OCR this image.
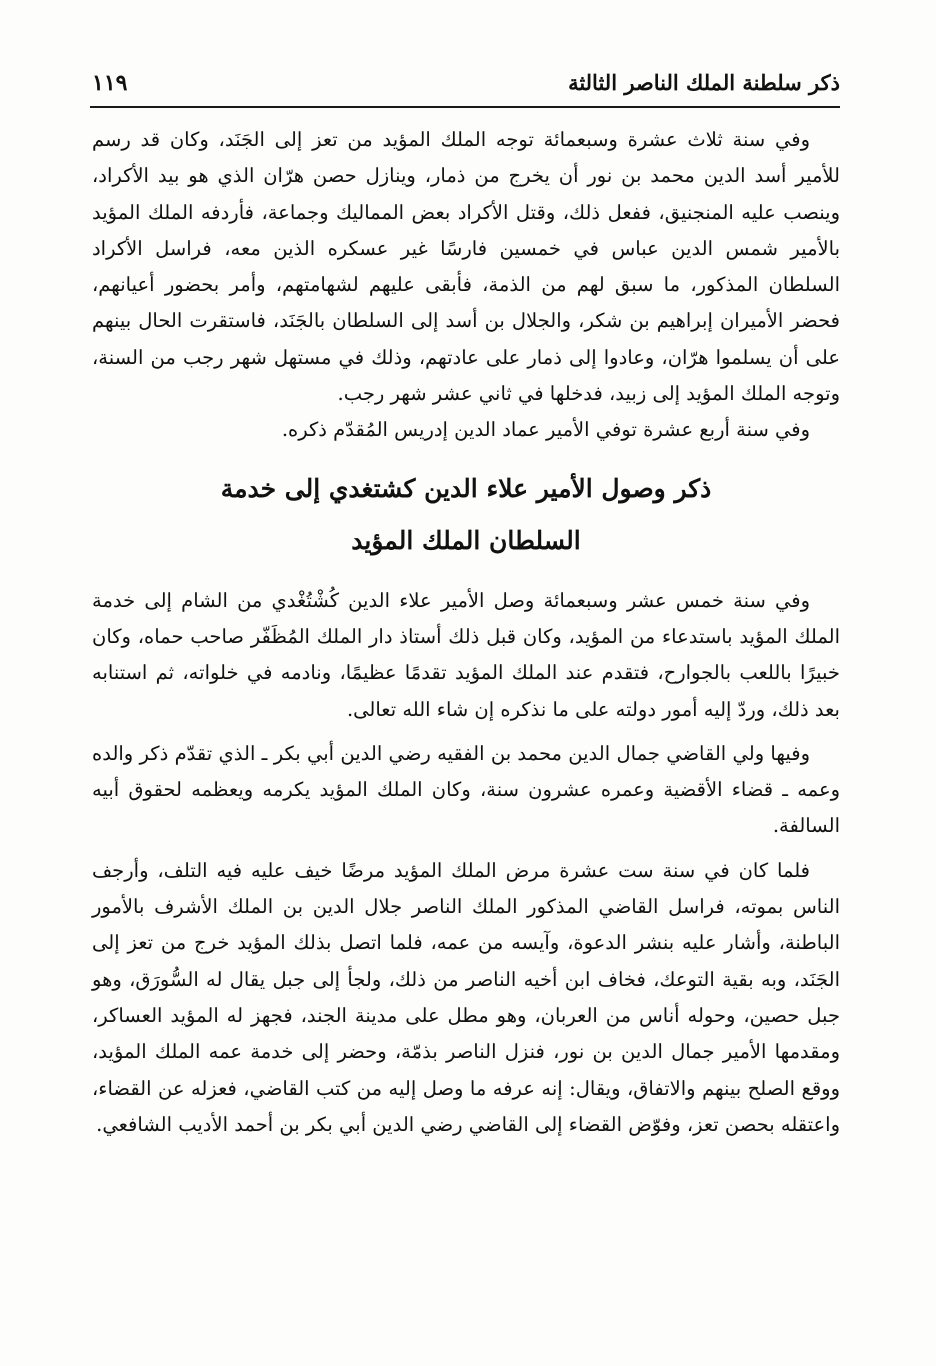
ذكر سلطنة الملك الناصر الثالثة
١١٩

وفي سنة ثلاث عشرة وسبعمائة توجه الملك المؤيد من تعز إلى الجَنَد، وكان قد رسم للأمير أسد الدين محمد بن نور أن يخرج من ذمار، وينازل حصن هرّان الذي هو بيد الأكراد، وينصب عليه المنجنيق، ففعل ذلك، وقتل الأكراد بعض المماليك وجماعة، فأردفه الملك المؤيد بالأمير شمس الدين عباس في خمسين فارسًا غير عسكره الذين معه، فراسل الأكراد السلطان المذكور، ما سبق لهم من الذمة، فأبقى عليهم لشهامتهم، وأمر بحضور أعيانهم، فحضر الأميران إبراهيم بن شكر، والجلال بن أسد إلى السلطان بالجَنَد، فاستقرت الحال بينهم على أن يسلموا هرّان، وعادوا إلى ذمار على عادتهم، وذلك في مستهل شهر رجب من السنة، وتوجه الملك المؤيد إلى زبيد، فدخلها في ثاني عشر شهر رجب.

وفي سنة أربع عشرة توفي الأمير عماد الدين إدريس المُقدّم ذكره.

ذكر وصول الأمير علاء الدين كشتغدي إلى خدمة
السلطان الملك المؤيد

وفي سنة خمس عشر وسبعمائة وصل الأمير علاء الدين كُشْتُغْدي من الشام إلى خدمة الملك المؤيد باستدعاء من المؤيد، وكان قبل ذلك أستاذ دار الملك المُظَفّر صاحب حماه، وكان خبيرًا باللعب بالجوارح، فتقدم عند الملك المؤيد تقدمًا عظيمًا، ونادمه في خلواته، ثم استنابه بعد ذلك، وردّ إليه أمور دولته على ما نذكره إن شاء الله تعالى.

وفيها ولي القاضي جمال الدين محمد بن الفقيه رضي الدين أبي بكر ـ الذي تقدّم ذكر والده وعمه ـ قضاء الأقضية وعمره عشرون سنة، وكان الملك المؤيد يكرمه ويعظمه لحقوق أبيه السالفة.

فلما كان في سنة ست عشرة مرض الملك المؤيد مرضًا خيف عليه فيه التلف، وأرجف الناس بموته، فراسل القاضي المذكور الملك الناصر جلال الدين بن الملك الأشرف بالأمور الباطنة، وأشار عليه بنشر الدعوة، وآيسه من عمه، فلما اتصل بذلك المؤيد خرج من تعز إلى الجَنَد، وبه بقية التوعك، فخاف ابن أخيه الناصر من ذلك، ولجأ إلى جبل يقال له السُّورَق، وهو جبل حصين، وحوله أناس من العربان، وهو مطل على مدينة الجند، فجهز له المؤيد العساكر، ومقدمها الأمير جمال الدين بن نور، فنزل الناصر بذمّة، وحضر إلى خدمة عمه الملك المؤيد، ووقع الصلح بينهم والاتفاق، ويقال: إنه عرفه ما وصل إليه من كتب القاضي، فعزله عن القضاء، واعتقله بحصن تعز، وفوّض القضاء إلى القاضي رضي الدين أبي بكر بن أحمد الأديب الشافعي.
